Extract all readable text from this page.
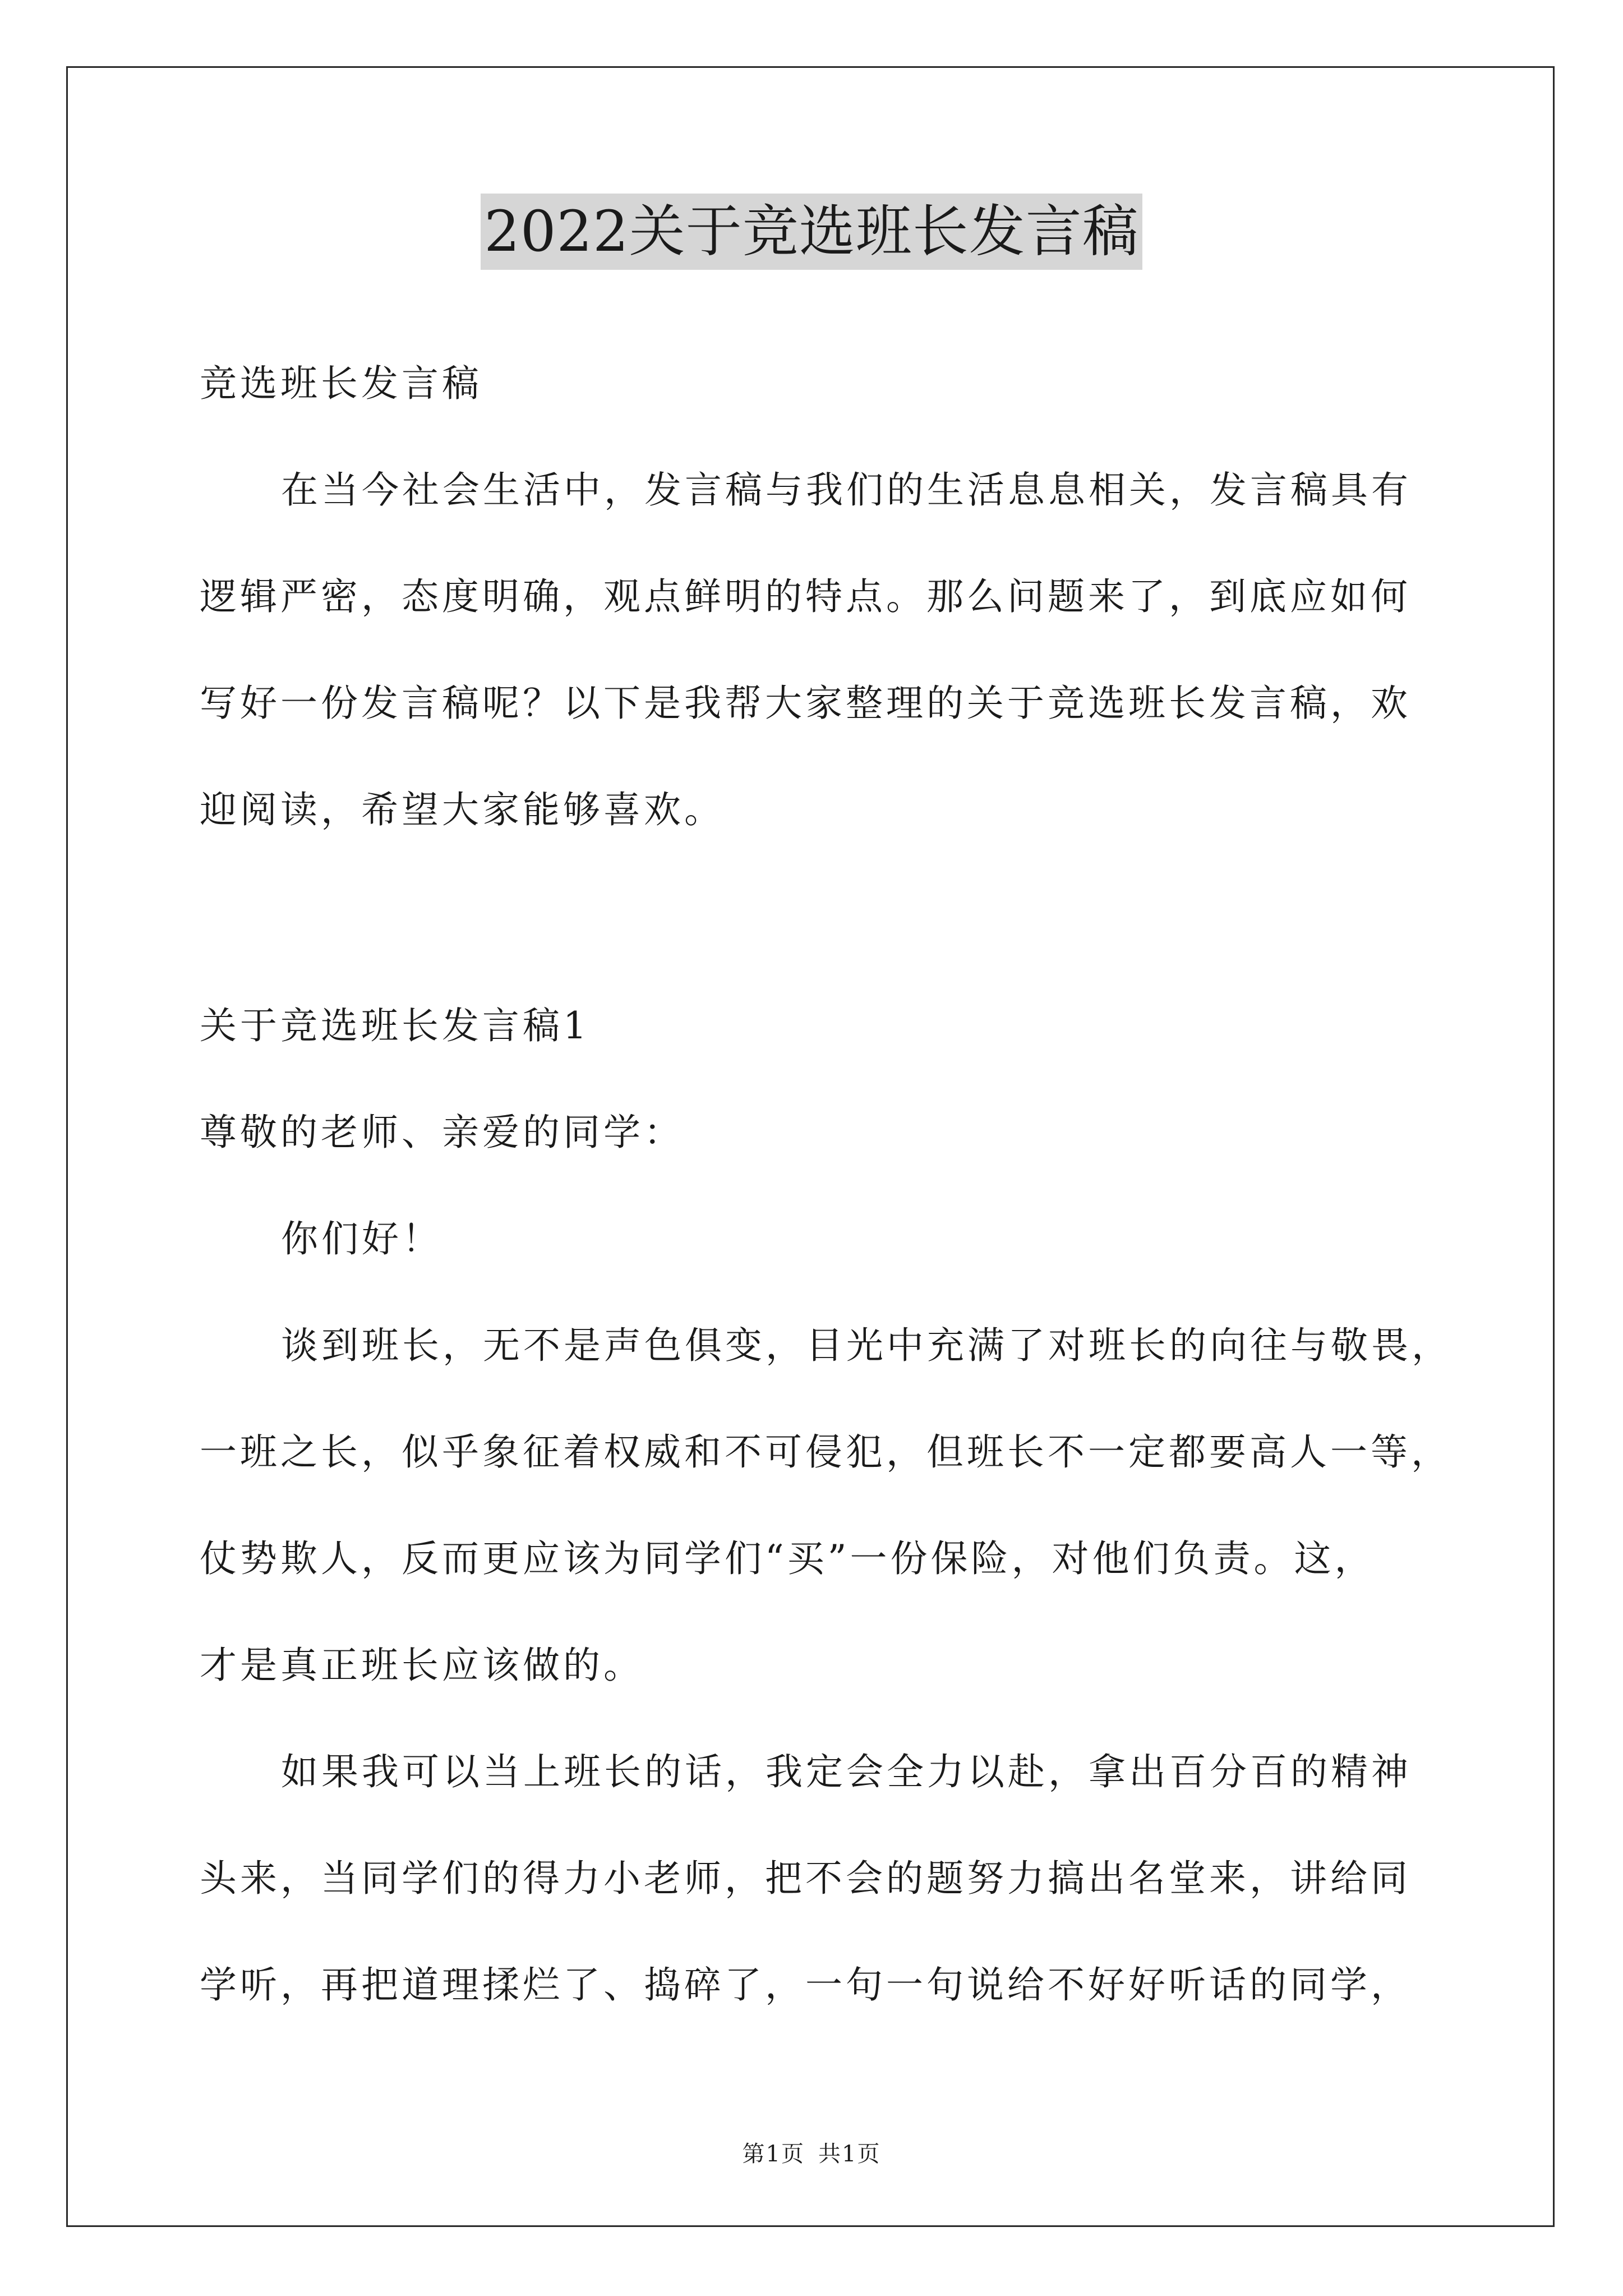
2022关于竞选班长发言稿
竞选班长发言稿
在当今社会生活中，发言稿与我们的生活息息相关，发言稿具有
逻辑严密，态度明确，观点鲜明的特点。那么问题来了，到底应如何
写好一份发言稿呢？以下是我帮大家整理的关于竞选班长发言稿，欢
迎阅读，希望大家能够喜欢。
关于竞选班长发言稿1
尊敬的老师、亲爱的同学：
你们好！
谈到班长，无不是声色俱变，目光中充满了对班长的向往与敬畏，
一班之长，似乎象征着权威和不可侵犯，但班长不一定都要高人一等，
仗势欺人，反而更应该为同学们“买”一份保险，对他们负责。这，
才是真正班长应该做的。
如果我可以当上班长的话，我定会全力以赴，拿出百分百的精神
头来，当同学们的得力小老师，把不会的题努力搞出名堂来，讲给同
学听，再把道理揉烂了、捣碎了，一句一句说给不好好听话的同学，
第1页 共1页
